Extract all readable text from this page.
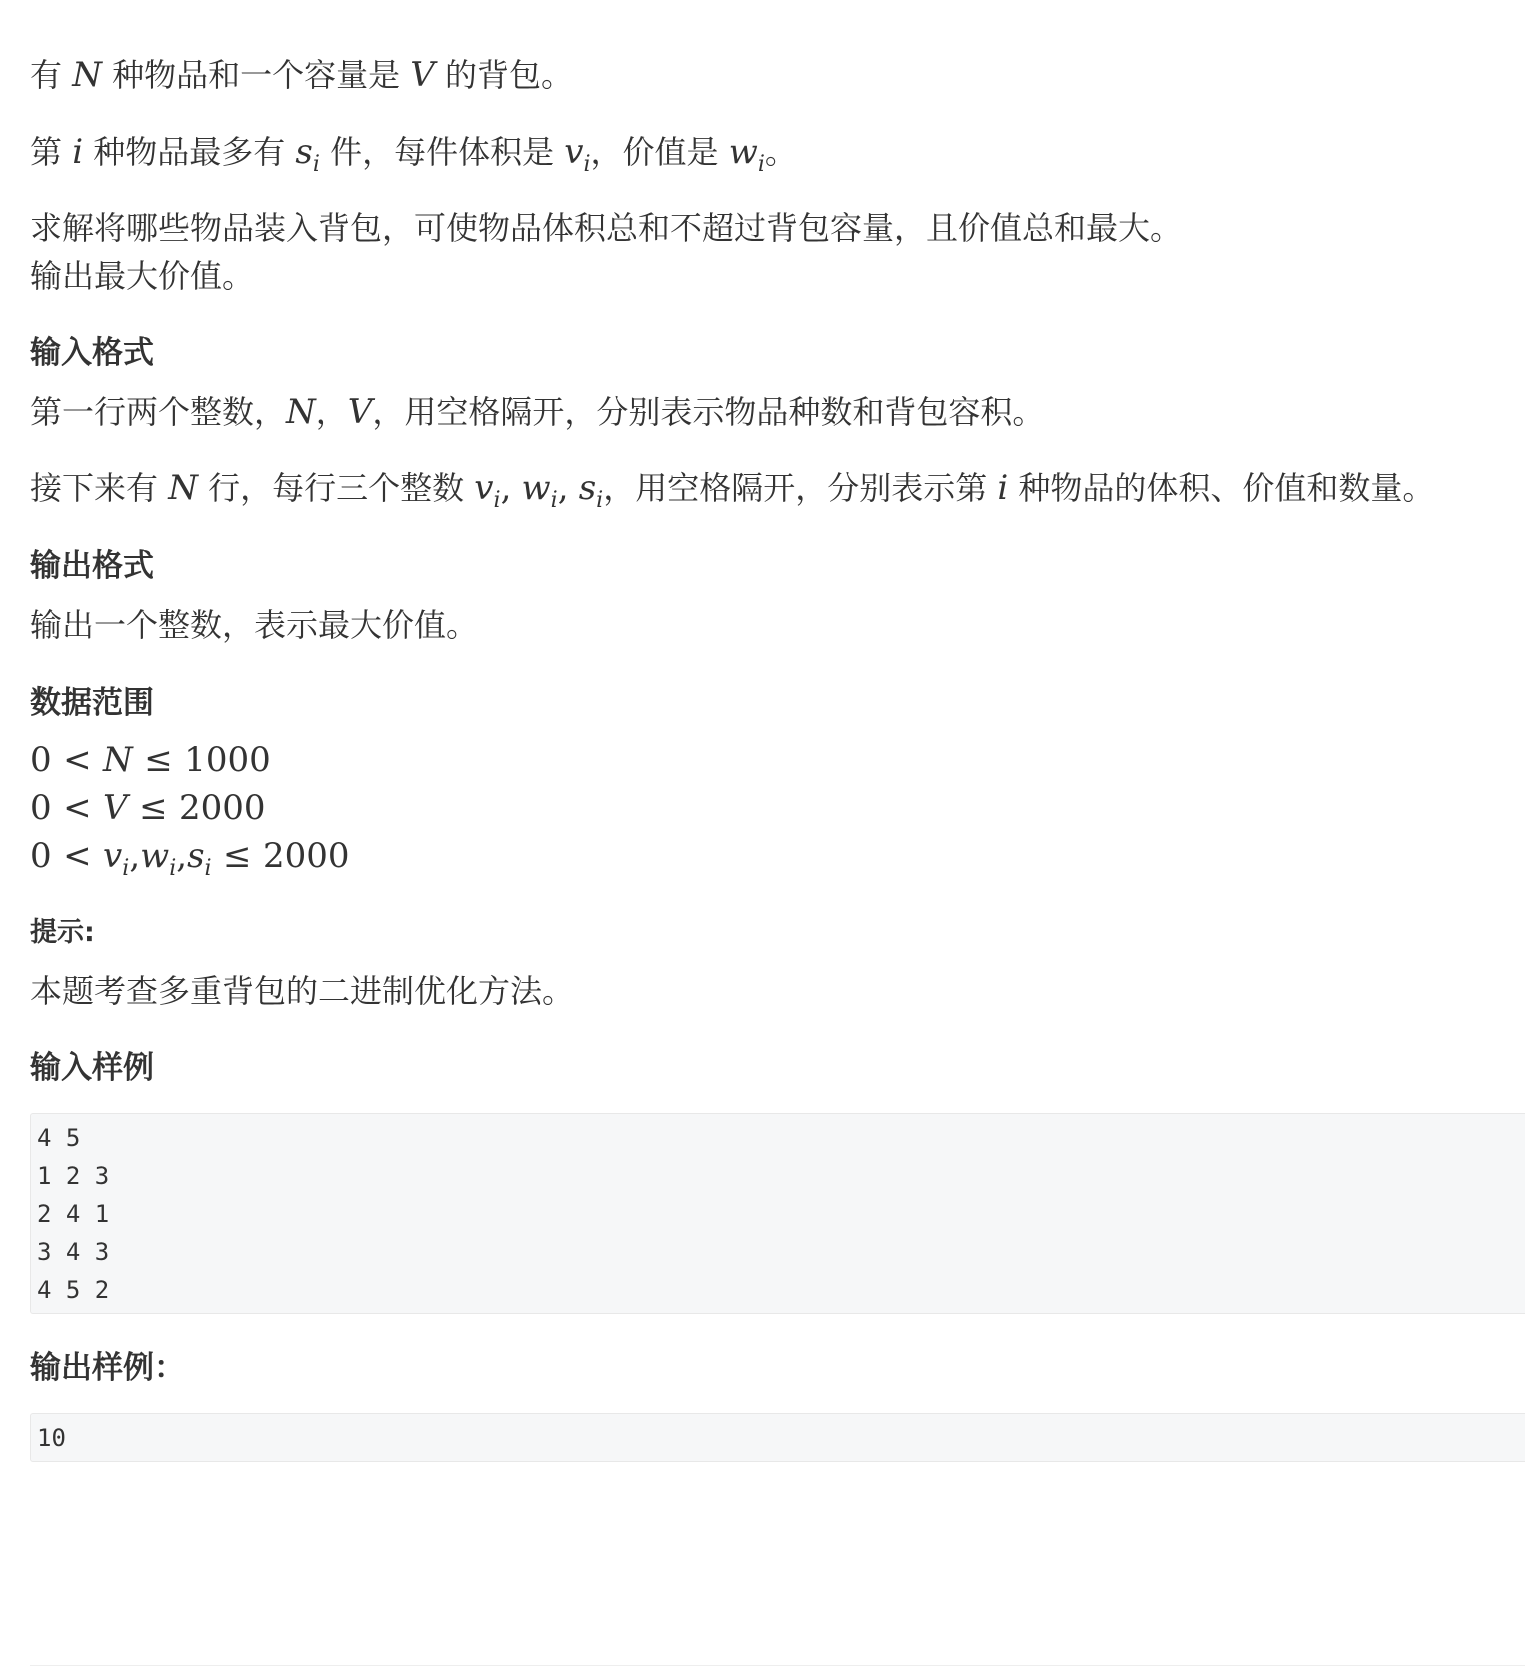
有 N 种物品和一个容量是 V 的背包。
第 i 种物品最多有 $s_i$ 件，每件体积是 $v_i$，价值是 $w_i$。
求解将哪些物品装入背包，可使物品体积总和不超过背包容量，且价值总和最大。
输出最大价值。
输入格式
第一行两个整数，N，V，用空格隔开，分别表示物品种数和背包容积。
接下来有 N 行，每行三个整数 $v_i$, $w_i$, $s_i$，用空格隔开，分别表示第 i 种物品的体积、价值和数量。
输出格式
输出一个整数，表示最大价值。
数据范围
0 < N ≤ 1000
0 < V ≤ 2000
$0 < v_i,w_i,s_i \le 2000$
提示:
本题考查多重背包的二进制优化方法。
输入样例
4 5
1 2 3
2 4 1
3 4 3
4 5 2
输出样例：
10
